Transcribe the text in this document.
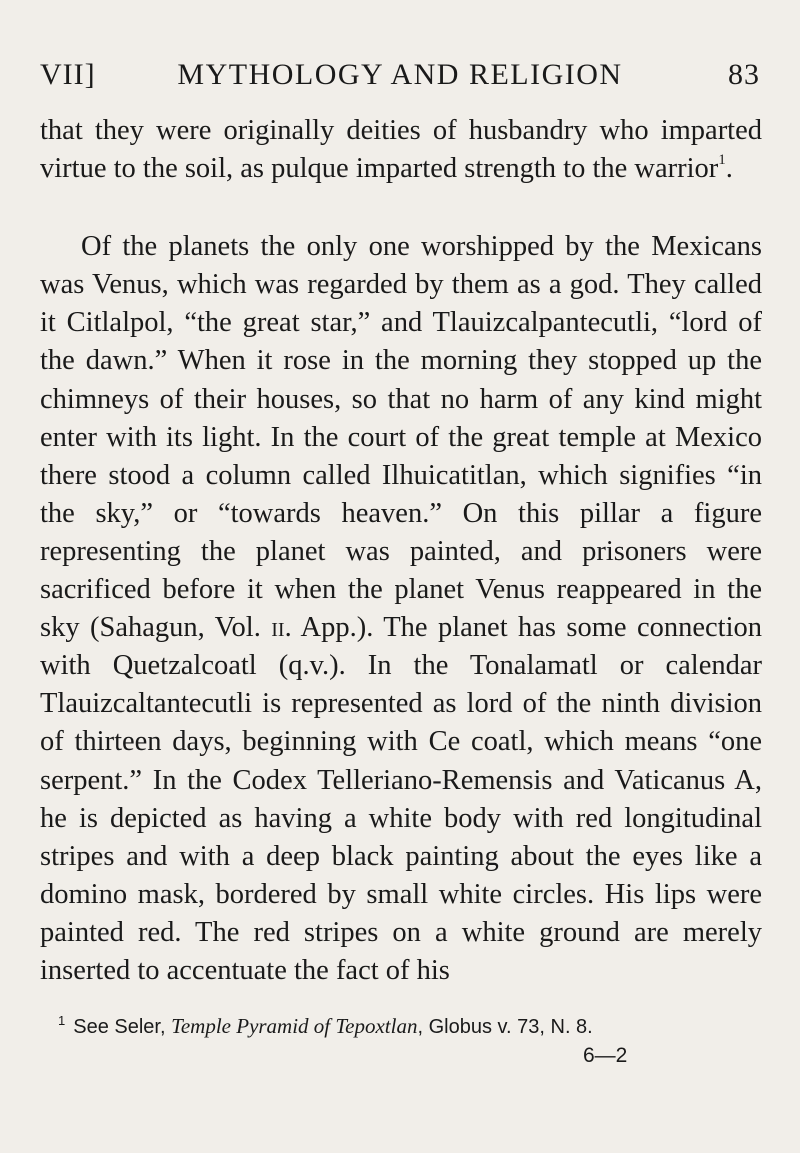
VII]	MYTHOLOGY AND RELIGION	83

that they were originally deities of husbandry who imparted virtue to the soil, as pulque imparted strength to the warrior$^1$.

Of the planets the only one worshipped by the Mexicans was Venus, which was regarded by them as a god. They called it Citlalpol, “the great star,” and Tlauizcalpantecutli, “lord of the dawn.” When it rose in the morning they stopped up the chimneys of their houses, so that no harm of any kind might enter with its light. In the court of the great temple at Mexico there stood a column called Ilhuicatitlan, which signifies “in the sky,” or “towards heaven.” On this pillar a figure representing the planet was painted, and prisoners were sacrificed before it when the planet Venus reappeared in the sky (Sahagun, Vol. ii. App.). The planet has some connection with Quetzalcoatl (q.v.). In the Tonalamatl or calendar Tlauizcaltantecutli is represented as lord of the ninth division of thirteen days, beginning with Ce coatl, which means “one serpent.” In the Codex Telleriano-Remensis and Vaticanus A, he is depicted as having a white body with red longitudinal stripes and with a deep black painting about the eyes like a domino mask, bordered by small white circles. His lips were painted red. The red stripes on a white ground are merely inserted to accentuate the fact of his

$^1$ See Seler, Temple Pyramid of Tepoxtlan, Globus v. 73, N. 8.
6—2
